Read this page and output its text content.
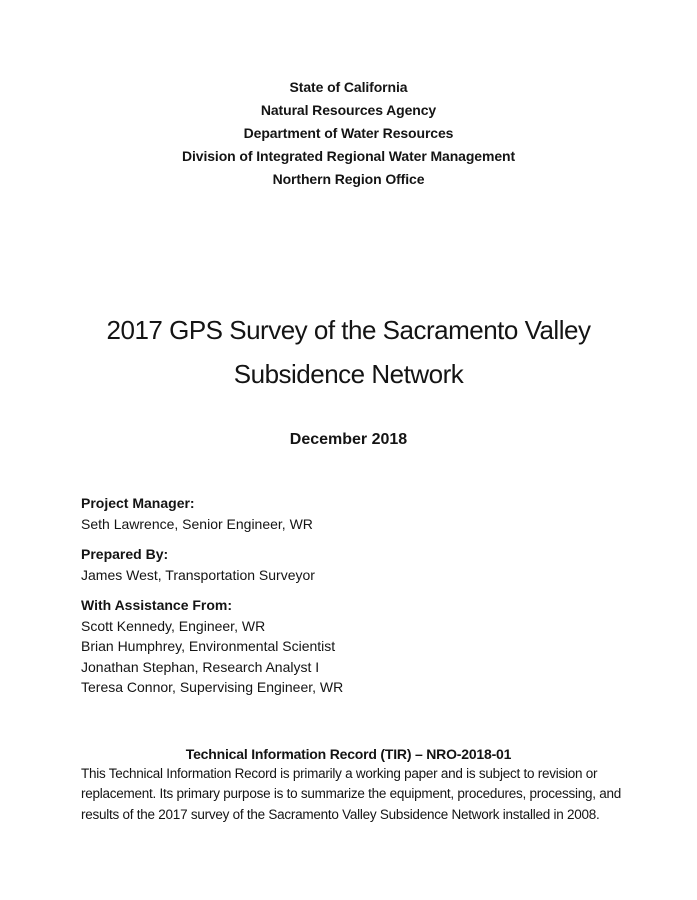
State of California
Natural Resources Agency
Department of Water Resources
Division of Integrated Regional Water Management
Northern Region Office
2017 GPS Survey of the Sacramento Valley
Subsidence Network
December 2018
Project Manager:
Seth Lawrence, Senior Engineer, WR
Prepared By:
James West, Transportation Surveyor
With Assistance From:
Scott Kennedy, Engineer, WR
Brian Humphrey, Environmental Scientist
Jonathan Stephan, Research Analyst I
Teresa Connor, Supervising Engineer, WR
Technical Information Record (TIR) – NRO-2018-01
This Technical Information Record is primarily a working paper and is subject to revision or
replacement. Its primary purpose is to summarize the equipment, procedures, processing, and
results of the 2017 survey of the Sacramento Valley Subsidence Network installed in 2008.
